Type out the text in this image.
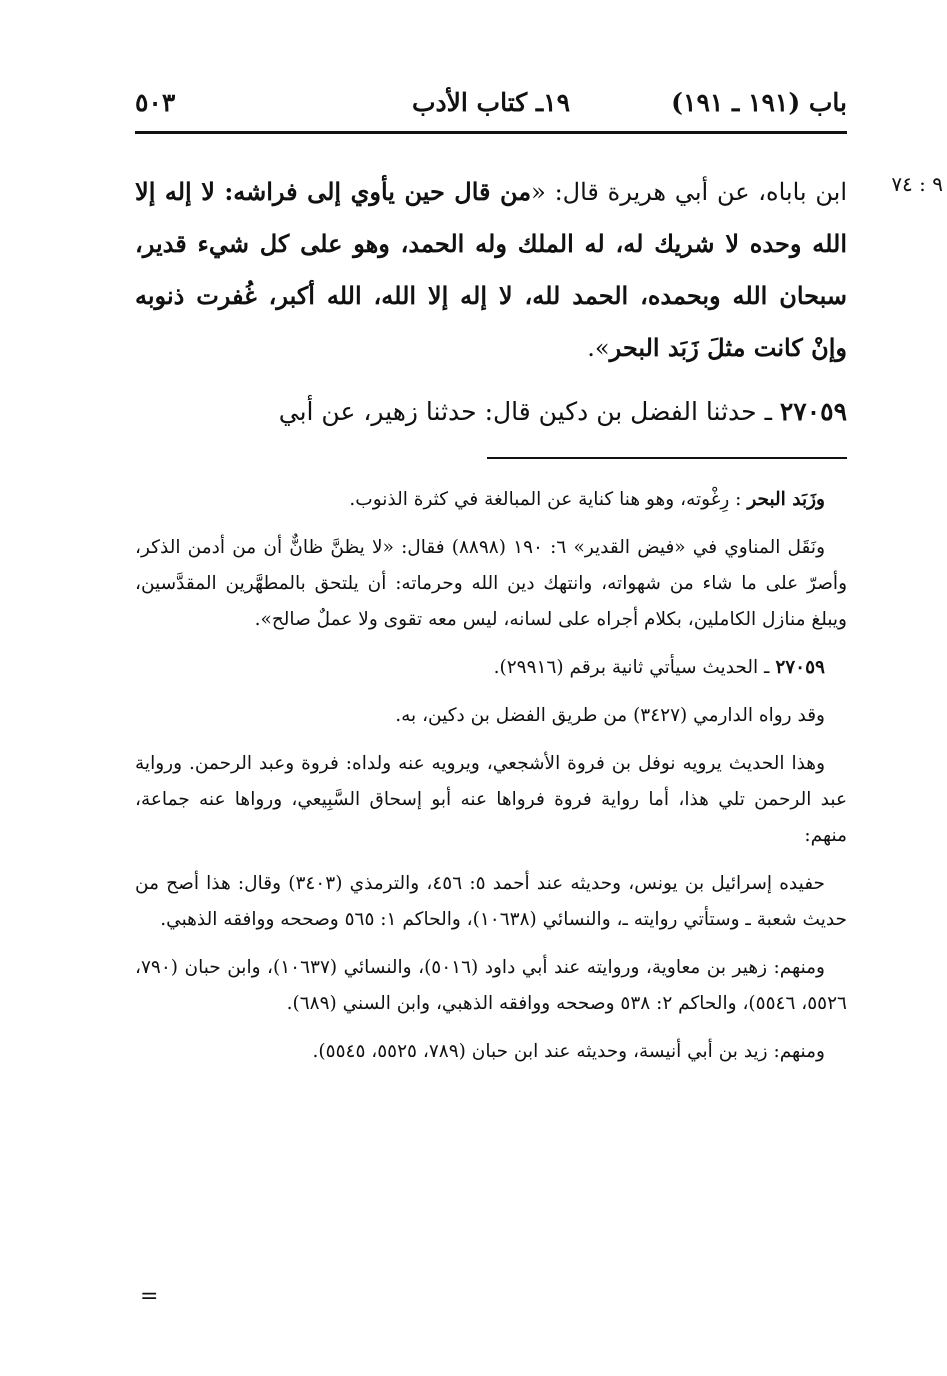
باب (١٩١ ـ ١٩١)
١٩ـ كتاب الأدب
٥٠٣
٩ : ٧٤
ابن باباه، عن أبي هريرة قال: «من قال حين يأوي إلى فراشه: لا إله إلا الله وحده لا شريك له، له الملك وله الحمد، وهو على كل شيء قدير، سبحان الله وبحمده، الحمد لله، لا إله إلا الله، الله أكبر، غُفرت ذنوبه وإنْ كانت مثلَ زَبَد البحر».
٢٧٠٥٩ ـ حدثنا الفضل بن دكين قال: حدثنا زهير، عن أبي

وزَبَد البحر : رِغْوته، وهو هنا كناية عن المبالغة في كثرة الذنوب.

ونَقَل المناوي في «فيض القدير» ٦: ١٩٠ (٨٨٩٨) فقال: «لا يظنَّ ظانٌّ أن من أدمن الذكر، وأصرّ على ما شاء من شهواته، وانتهك دين الله وحرماته: أن يلتحق بالمطهَّرين المقدَّسين، ويبلغ منازل الكاملين، بكلام أجراه على لسانه، ليس معه تقوى ولا عملٌ صالح».

٢٧٠٥٩ ـ الحديث سيأتي ثانية برقم (٢٩٩١٦).

وقد رواه الدارمي (٣٤٢٧) من طريق الفضل بن دكين، به.

وهذا الحديث يرويه نوفل بن فروة الأشجعي، ويرويه عنه ولداه: فروة وعبد الرحمن. ورواية عبد الرحمن تلي هذا، أما رواية فروة فرواها عنه أبو إسحاق السَّبِيعي، ورواها عنه جماعة، منهم:

حفيده إسرائيل بن يونس، وحديثه عند أحمد ٥: ٤٥٦، والترمذي (٣٤٠٣) وقال: هذا أصح من حديث شعبة ـ وستأتي روايته ـ، والنسائي (١٠٦٣٨)، والحاكم ١: ٥٦٥ وصححه ووافقه الذهبي.

ومنهم: زهير بن معاوية، وروايته عند أبي داود (٥٠١٦)، والنسائي (١٠٦٣٧)، وابن حبان (٧٩٠، ٥٥٢٦، ٥٥٤٦)، والحاكم ٢: ٥٣٨ وصححه ووافقه الذهبي، وابن السني (٦٨٩).

ومنهم: زيد بن أبي أنيسة، وحديثه عند ابن حبان (٧٨٩، ٥٥٢٥، ٥٥٤٥).

=
